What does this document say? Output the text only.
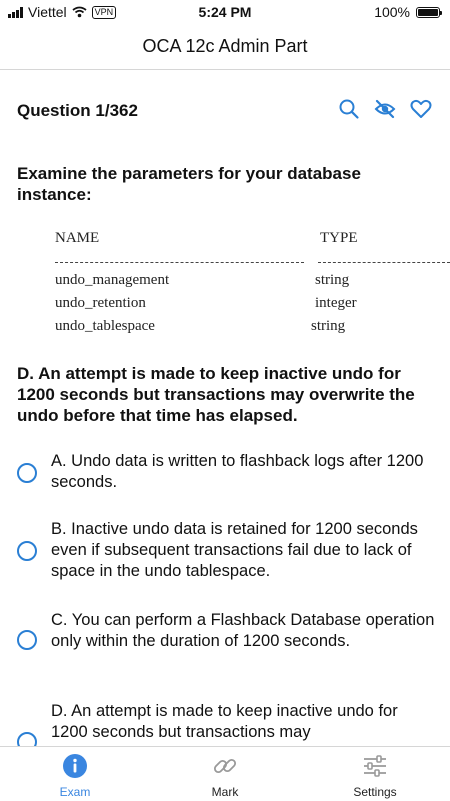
Viettel	VPN	5:24 PM	100%
OCA 12c Admin Part
Question 1/362
Examine the parameters for your database instance:
NAME	TYPE
undo_management	string
undo_retention	integer
undo_tablespace	string
D. An attempt is made to keep inactive undo for 1200 seconds but transactions may overwrite the undo before that time has elapsed.
A. Undo data is written to flashback logs after 1200 seconds.
B. Inactive undo data is retained for 1200 seconds even if subsequent transactions fail due to lack of space in the undo tablespace.
C. You can perform a Flashback Database operation only within the duration of 1200 seconds.
D. An attempt is made to keep inactive undo for 1200 seconds but transactions may
Exam	Mark	Settings
